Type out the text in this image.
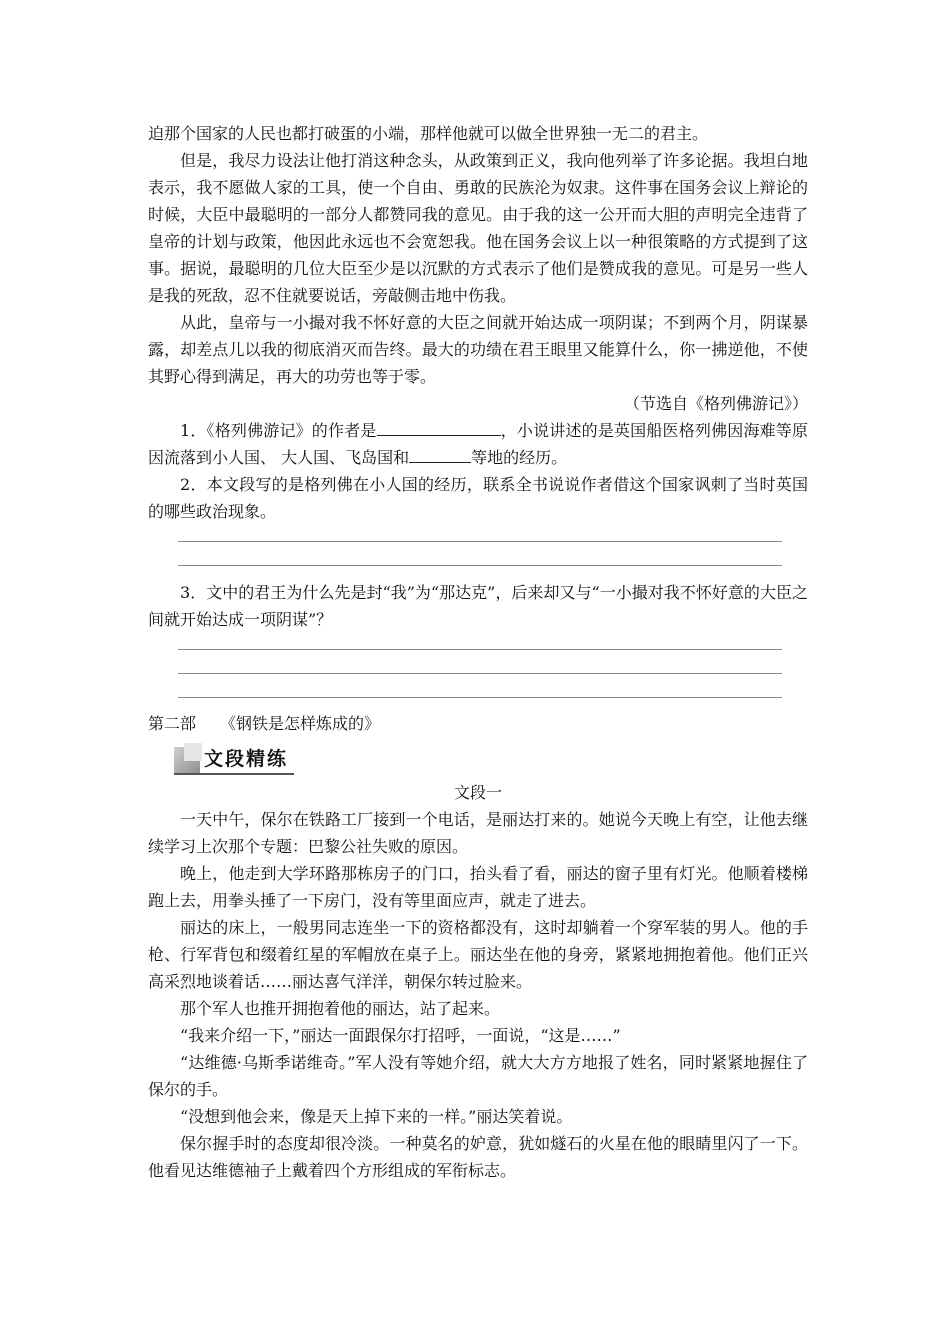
迫那个国家的人民也都打破蛋的小端，那样他就可以做全世界独一无二的君主。

但是，我尽力设法让他打消这种念头，从政策到正义，我向他列举了许多论据。我坦白地表示，我不愿做人家的工具，使一个自由、勇敢的民族沦为奴隶。这件事在国务会议上辩论的时候，大臣中最聪明的一部分人都赞同我的意见。由于我的这一公开而大胆的声明完全违背了皇帝的计划与政策，他因此永远也不会宽恕我。他在国务会议上以一种很策略的方式提到了这事。据说，最聪明的几位大臣至少是以沉默的方式表示了他们是赞成我的意见。可是另一些人是我的死敌，忍不住就要说话，旁敲侧击地中伤我。

从此，皇帝与一小撮对我不怀好意的大臣之间就开始达成一项阴谋；不到两个月，阴谋暴露，却差点儿以我的彻底消灭而告终。最大的功绩在君王眼里又能算什么，你一拂逆他，不使其野心得到满足，再大的功劳也等于零。

（节选自《格列佛游记》）

1．《格列佛游记》的作者是	，小说讲述的是英国船医格列佛因海难等原因流落到小人国、 大人国、飞岛国和	等地的经历。

2．本文段写的是格列佛在小人国的经历，联系全书说说作者借这个国家讽刺了当时英国的哪些政治现象。

3．文中的君王为什么先是封“我”为“那达克”，后来却又与“一小撮对我不怀好意的大臣之间就开始达成一项阴谋”？

第二部 《钢铁是怎样炼成的》
文段精练

文段一

一天中午，保尔在铁路工厂接到一个电话，是丽达打来的。她说今天晚上有空，让他去继续学习上次那个专题：巴黎公社失败的原因。

晚上，他走到大学环路那栋房子的门口，抬头看了看，丽达的窗子里有灯光。他顺着楼梯跑上去，用拳头捶了一下房门，没有等里面应声，就走了进去。

丽达的床上，一般男同志连坐一下的资格都没有，这时却躺着一个穿军装的男人。他的手枪、行军背包和缀着红星的军帽放在桌子上。丽达坐在他的身旁，紧紧地拥抱着他。他们正兴高采烈地谈着话……丽达喜气洋洋，朝保尔转过脸来。

那个军人也推开拥抱着他的丽达，站了起来。

“我来介绍一下，”丽达一面跟保尔打招呼，一面说，“这是……”

“达维德·乌斯季诺维奇。”军人没有等她介绍，就大大方方地报了姓名，同时紧紧地握住了保尔的手。

“没想到他会来，像是天上掉下来的一样。”丽达笑着说。

保尔握手时的态度却很冷淡。一种莫名的妒意，犹如燧石的火星在他的眼睛里闪了一下。他看见达维德袖子上戴着四个方形组成的军衔标志。
